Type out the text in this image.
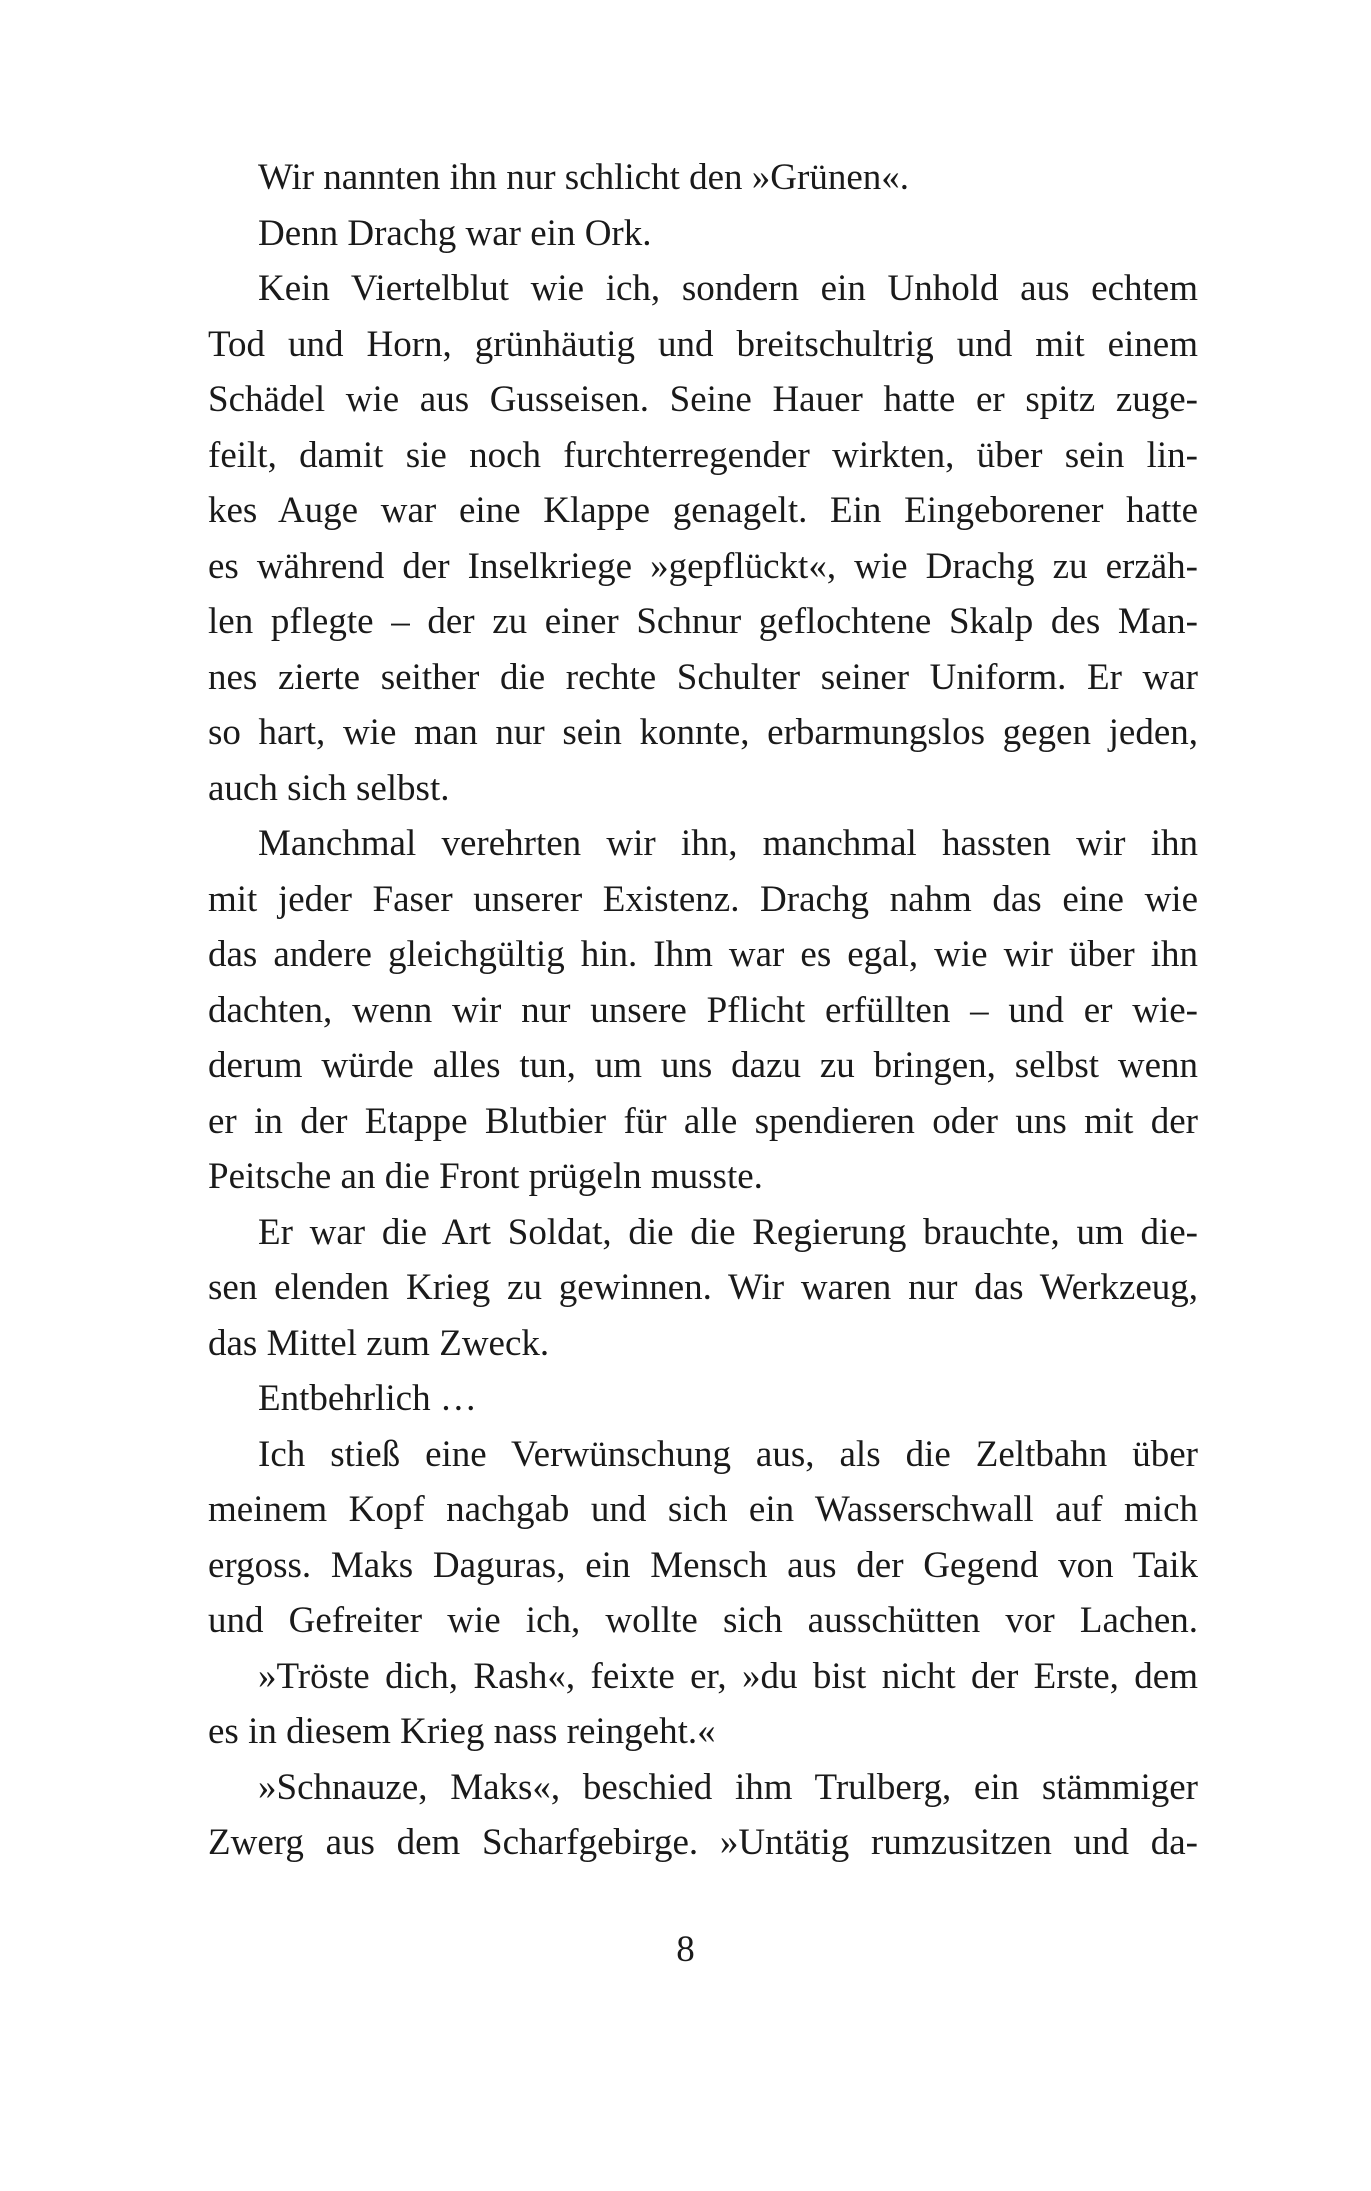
Wir nannten ihn nur schlicht den »Grünen«.
Denn Drachg war ein Ork.
Kein Viertelblut wie ich, sondern ein Unhold aus echtem
Tod und Horn, grünhäutig und breitschultrig und mit einem
Schädel wie aus Gusseisen. Seine Hauer hatte er spitz zuge-
feilt, damit sie noch furchterregender wirkten, über sein lin-
kes Auge war eine Klappe genagelt. Ein Eingeborener hatte
es während der Inselkriege »gepflückt«, wie Drachg zu erzäh-
len pflegte – der zu einer Schnur geflochtene Skalp des Man-
nes zierte seither die rechte Schulter seiner Uniform. Er war
so hart, wie man nur sein konnte, erbarmungslos gegen jeden,
auch sich selbst.
Manchmal verehrten wir ihn, manchmal hassten wir ihn
mit jeder Faser unserer Existenz. Drachg nahm das eine wie
das andere gleichgültig hin. Ihm war es egal, wie wir über ihn
dachten, wenn wir nur unsere Pflicht erfüllten – und er wie-
derum würde alles tun, um uns dazu zu bringen, selbst wenn
er in der Etappe Blutbier für alle spendieren oder uns mit der
Peitsche an die Front prügeln musste.
Er war die Art Soldat, die die Regierung brauchte, um die-
sen elenden Krieg zu gewinnen. Wir waren nur das Werkzeug,
das Mittel zum Zweck.
Entbehrlich …
Ich stieß eine Verwünschung aus, als die Zeltbahn über
meinem Kopf nachgab und sich ein Wasserschwall auf mich
ergoss. Maks Daguras, ein Mensch aus der Gegend von Taik
und Gefreiter wie ich, wollte sich ausschütten vor Lachen.
»Tröste dich, Rash«, feixte er, »du bist nicht der Erste, dem
es in diesem Krieg nass reingeht.«
»Schnauze, Maks«, beschied ihm Trulberg, ein stämmiger
Zwerg aus dem Scharfgebirge. »Untätig rumzusitzen und da-
8
